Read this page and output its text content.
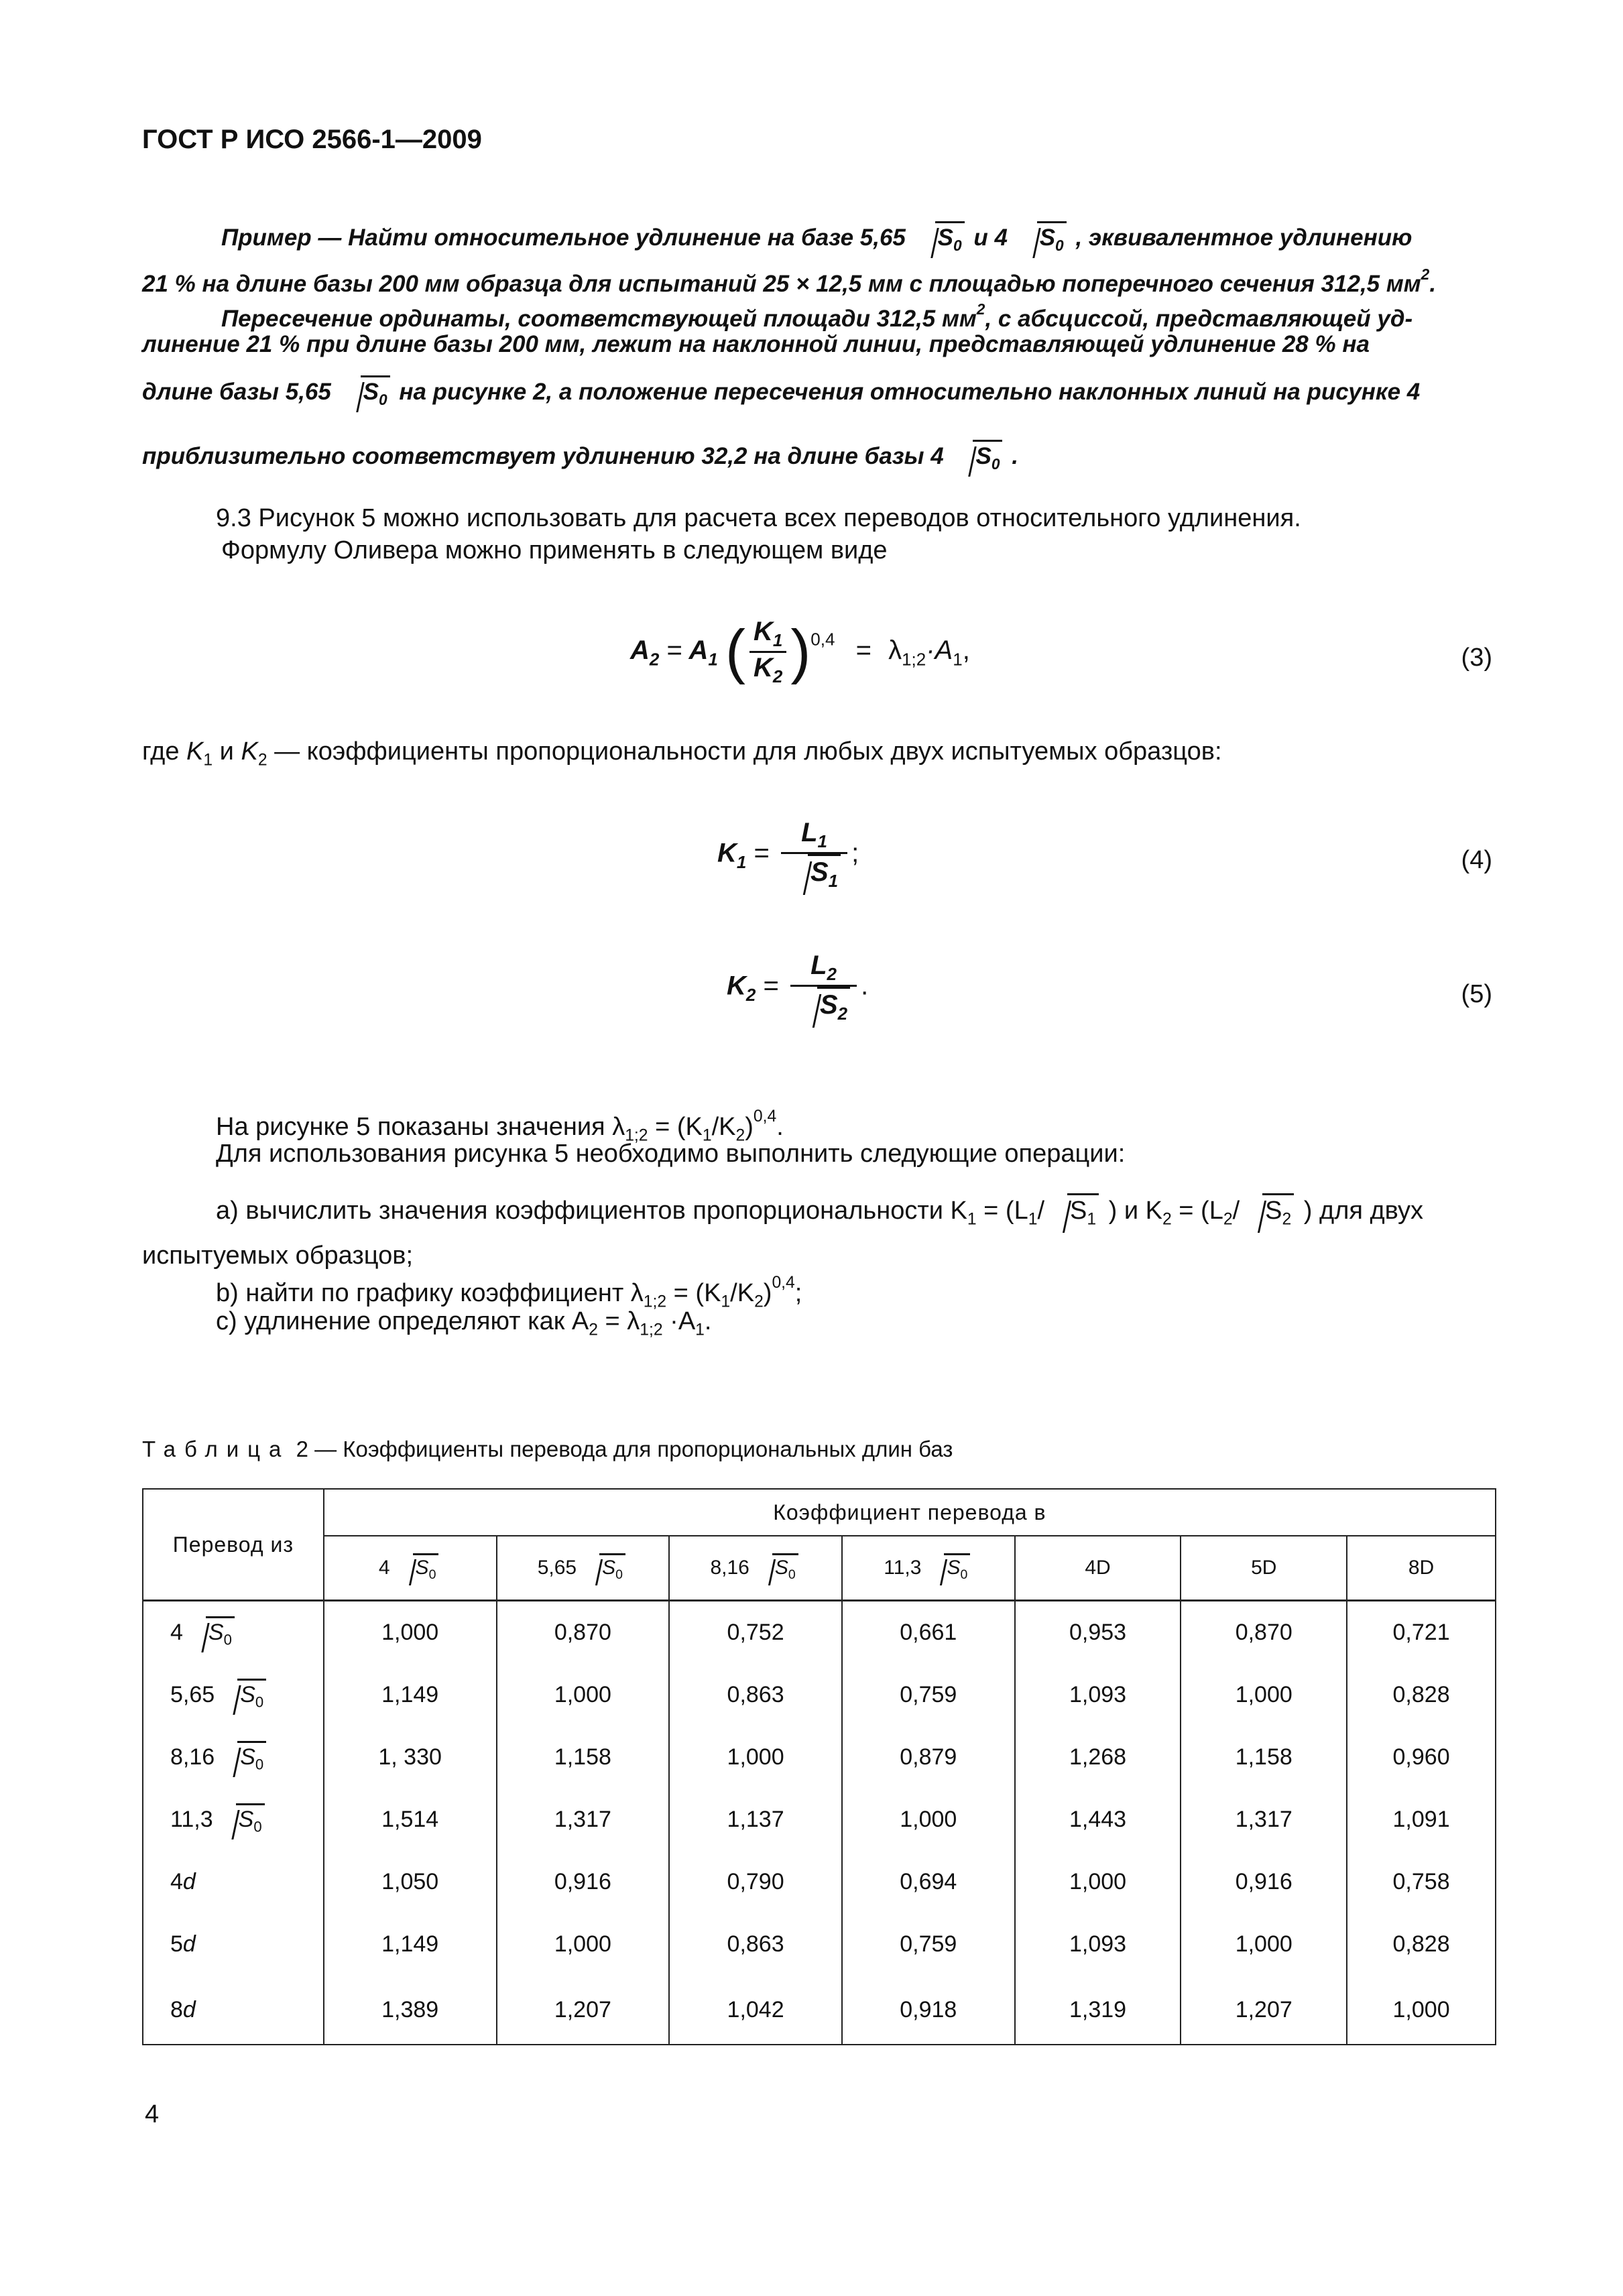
ГОСТ Р ИСО 2566-1—2009
Пример — Найти относительное удлинение на базе 5,65 $S_0$ и 4 $S_0$ , эквивалентное удлинению
21 % на длине базы 200 мм образца для испытаний 25 × 12,5 мм с площадью поперечного сечения 312,5 $мм^2$.
Пересечение ординаты, соответствующей площади 312,5 $мм^2$, с абсциссой, представляющей уд-
линение 21 % при длине базы 200 мм, лежит на наклонной линии, представляющей удлинение 28 % на
длине базы 5,65 $S_0$ на рисунке 2, а положение пересечения относительно наклонных линий на рисунке 4
приблизительно соответствует удлинению 32,2 на длине базы 4 $S_0$ .
9.3 Рисунок 5 можно использовать для расчета всех переводов относительного удлинения.
Формулу Оливера можно применять в следующем виде
$A_2 = A_1$ ( $\frac{K_1}{K_2} )^{0,4} = \lambda_{1;2}\cdot A_1$,	(3)
где $K_1$ и $K_2$ — коэффициенты пропорциональности для любых двух испытуемых образцов:
$K_1 = \frac{L_1}{S_1}$ ;	(4)
$K_2 = \frac{L_2}{S_2}$ .	(5)
На рисунке 5 показаны значения $\lambda_{1;2} = (K_1/K_2)^{0,4}$.
Для использования рисунка 5 необходимо выполнить следующие операции:
a) вычислить значения коэффициентов пропорциональности $K_1 = (L_1/$ $S_1$ ) и $K_2 = (L_2/$ $S_2$ ) для двух
испытуемых образцов;
b) найти по графику коэффициент $\lambda_{1;2} = (K_1/K_2)^{0,4}$;
c) удлинение определяют как $A_2 = \lambda_{1;2} \cdot A_1$.
Таблица 2 — Коэффициенты перевода для пропорциональных длин баз
Перевод из	Коэффициент перевода в						
	4 $S_0$	5,65 $S_0$	8,16 $S_0$	11,3 $S_0$	4D	5D	8D
4 $S_0$	1,000	0,870	0,752	0,661	0,953	0,870	0,721
5,65 $S_0$	1,149	1,000	0,863	0,759	1,093	1,000	0,828
8,16 $S_0$	1, 330	1,158	1,000	0,879	1,268	1,158	0,960
11,3 $S_0$	1,514	1,317	1,137	1,000	1,443	1,317	1,091
4d	1,050	0,916	0,790	0,694	1,000	0,916	0,758
5d	1,149	1,000	0,863	0,759	1,093	1,000	0,828
8d	1,389	1,207	1,042	0,918	1,319	1,207	1,000
4
